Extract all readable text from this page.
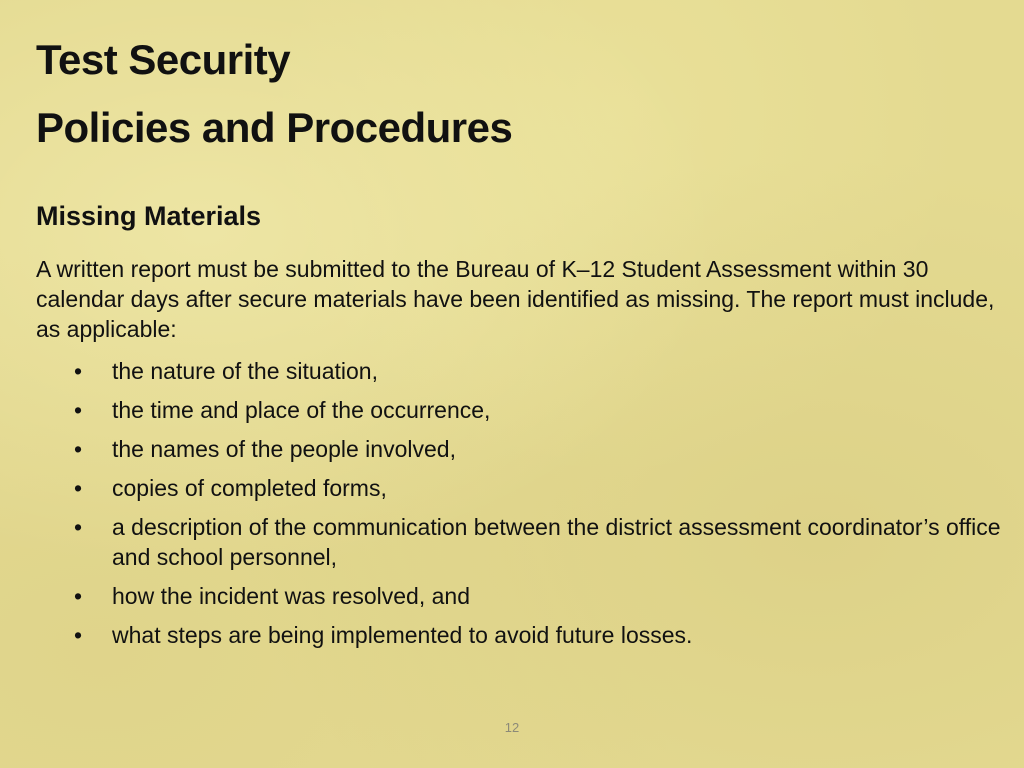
Test Security
Policies and Procedures
Missing Materials

A written report must be submitted to the Bureau of K–12 Student Assessment within 30 calendar days after secure materials have been identified as missing. The report must include, as applicable:

•	the nature of the situation,
•	the time and place of the occurrence,
•	the names of the people involved,
•	copies of completed forms,
•	a description of the communication between the district assessment coordinator’s office and school personnel,
•	how the incident was resolved, and
•	what steps are being implemented to avoid future losses.
12
